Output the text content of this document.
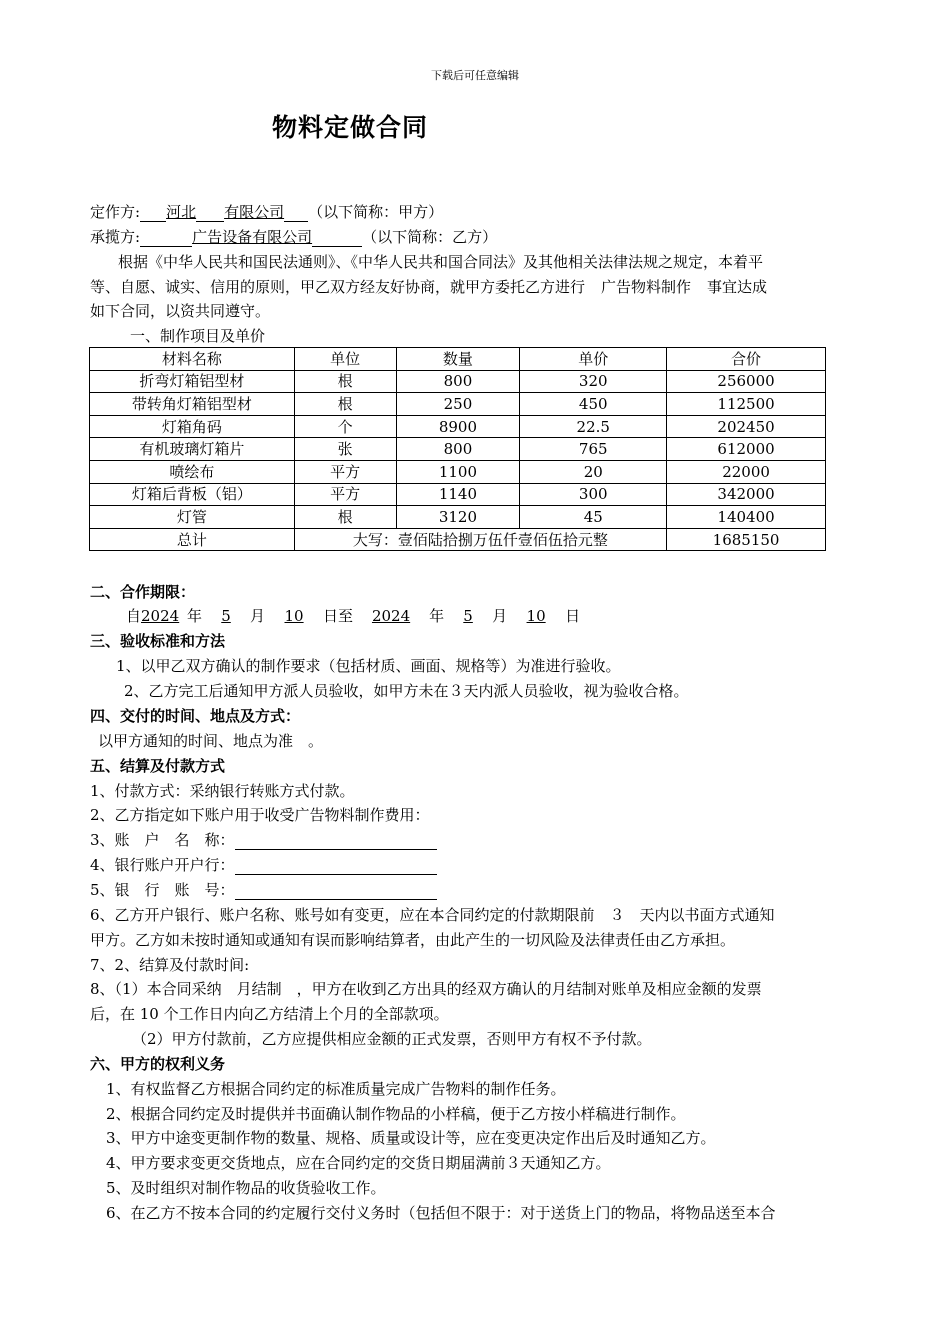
下载后可任意编辑
物料定做合同
定作方: 河北 有限公司 （以下简称：甲方）
承揽方:	广告设备有限公司	（以下简称：乙方）
根据《中华人民共和国民法通则》、《中华人民共和国合同法》及其他相关法律法规之规定，本着平
等、自愿、诚实、信用的原则，甲乙双方经友好协商，就甲方委托乙方进行 广告物料制作 事宜达成
如下合同，以资共同遵守。
一、制作项目及单价
材料名称	单位	数量	单价	合价
折弯灯箱铝型材	根	800	320	256000
带转角灯箱铝型材	根	250	450	112500
灯箱角码	个	8900	22.5	202450
有机玻璃灯箱片	张	800	765	612000
喷绘布	平方	1100	20	22000
灯箱后背板（铝）	平方	1140	300	342000
灯管	根	3120	45	140400
总计	大写：壹佰陆拾捌万伍仟壹佰伍拾元整			1685150
二、合作期限：
自2024 年 5 月 10 日至 2024 年 5 月 10 日
三、验收标准和方法
1、以甲乙双方确认的制作要求（包括材质、画面、规格等）为准进行验收。
2、乙方完工后通知甲方派人员验收，如甲方未在３天内派人员验收，视为验收合格。
四、交付的时间、地点及方式：
以甲方通知的时间、地点为准　。
五、结算及付款方式
1、付款方式：采纳银行转账方式付款。
2、乙方指定如下账户用于收受广告物料制作费用：
3、账　户　名　称：
4、银行账户开户行：
5、银　行　账　号：
6、乙方开户银行、账户名称、账号如有变更，应在本合同约定的付款期限前　３　天内以书面方式通知
甲方。乙方如未按时通知或通知有误而影响结算者，由此产生的一切风险及法律责任由乙方承担。
7、2、结算及付款时间:
8、（1）本合同采纳　月结制　，甲方在收到乙方出具的经双方确认的月结制对账单及相应金额的发票
后，在 10 个工作日内向乙方结清上个月的全部款项。
（2）甲方付款前，乙方应提供相应金额的正式发票，否则甲方有权不予付款。
六、甲方的权利义务
1、有权监督乙方根据合同约定的标准质量完成广告物料的制作任务。
2、根据合同约定及时提供并书面确认制作物品的小样稿，便于乙方按小样稿进行制作。
3、甲方中途变更制作物的数量、规格、质量或设计等，应在变更决定作出后及时通知乙方。
4、甲方要求变更交货地点，应在合同约定的交货日期届满前３天通知乙方。
5、及时组织对制作物品的收货验收工作。
6、在乙方不按本合同的约定履行交付义务时（包括但不限于：对于送货上门的物品，将物品送至本合
